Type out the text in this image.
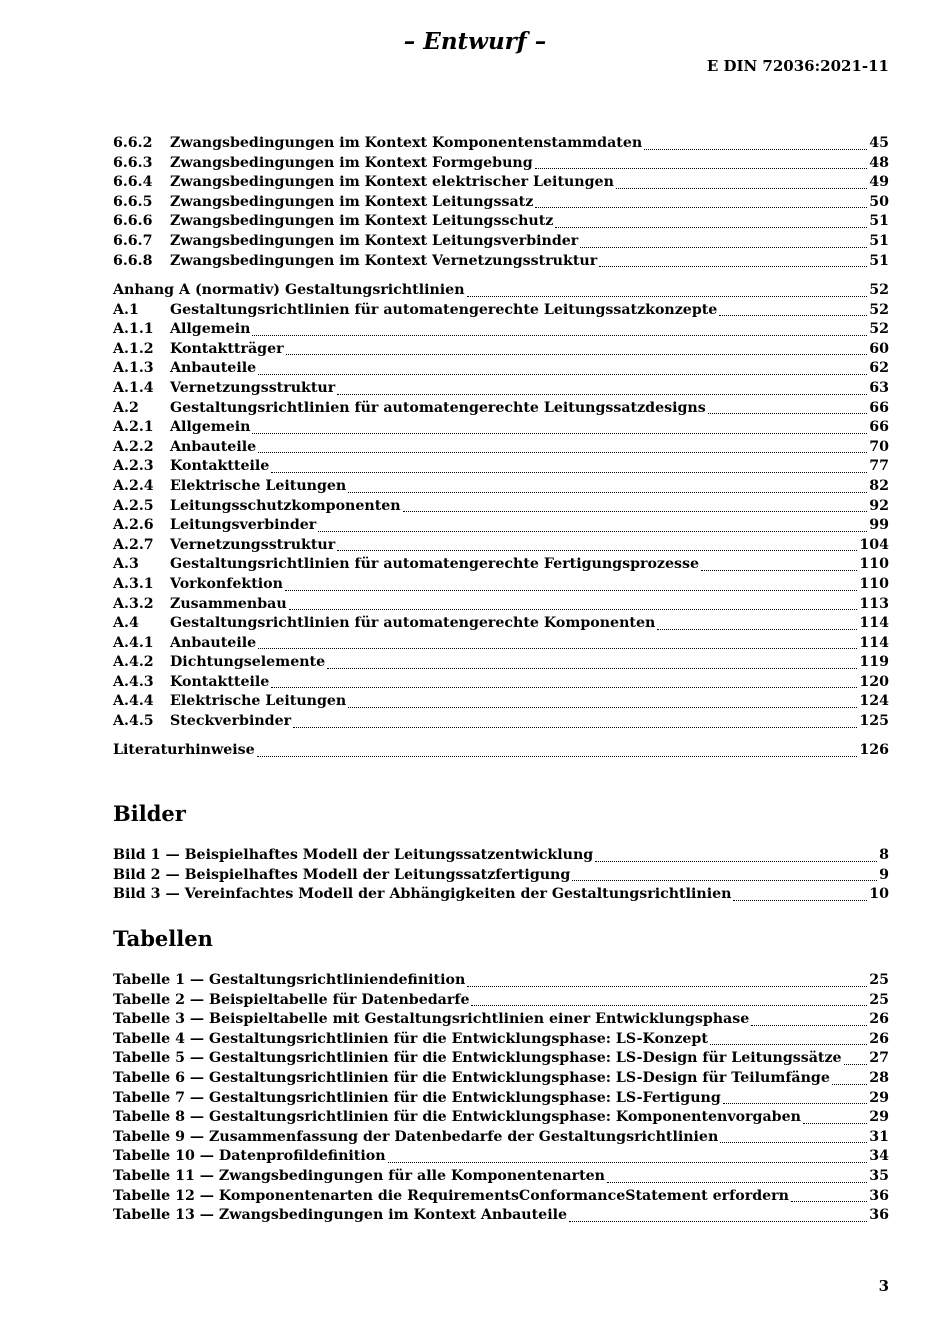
– Entwurf –
E DIN 72036:2021-11
6.6.2	Zwangsbedingungen im Kontext Komponentenstammdaten	45
6.6.3	Zwangsbedingungen im Kontext Formgebung	48
6.6.4	Zwangsbedingungen im Kontext elektrischer Leitungen	49
6.6.5	Zwangsbedingungen im Kontext Leitungssatz	50
6.6.6	Zwangsbedingungen im Kontext Leitungsschutz	51
6.6.7	Zwangsbedingungen im Kontext Leitungsverbinder	51
6.6.8	Zwangsbedingungen im Kontext Vernetzungsstruktur	51
Anhang A (normativ) Gestaltungsrichtlinien	52
A.1	Gestaltungsrichtlinien für automatengerechte Leitungssatzkonzepte	52
A.1.1	Allgemein	52
A.1.2	Kontaktträger	60
A.1.3	Anbauteile	62
A.1.4	Vernetzungsstruktur	63
A.2	Gestaltungsrichtlinien für automatengerechte Leitungssatzdesigns	66
A.2.1	Allgemein	66
A.2.2	Anbauteile	70
A.2.3	Kontaktteile	77
A.2.4	Elektrische Leitungen	82
A.2.5	Leitungsschutzkomponenten	92
A.2.6	Leitungsverbinder	99
A.2.7	Vernetzungsstruktur	104
A.3	Gestaltungsrichtlinien für automatengerechte Fertigungsprozesse	110
A.3.1	Vorkonfektion	110
A.3.2	Zusammenbau	113
A.4	Gestaltungsrichtlinien für automatengerechte Komponenten	114
A.4.1	Anbauteile	114
A.4.2	Dichtungselemente	119
A.4.3	Kontaktteile	120
A.4.4	Elektrische Leitungen	124
A.4.5	Steckverbinder	125
Literaturhinweise	126
Bilder
Bild 1 — Beispielhaftes Modell der Leitungssatzentwicklung	8
Bild 2 — Beispielhaftes Modell der Leitungssatzfertigung	9
Bild 3 — Vereinfachtes Modell der Abhängigkeiten der Gestaltungsrichtlinien	10
Tabellen
Tabelle 1 — Gestaltungsrichtliniendefinition	25
Tabelle 2 — Beispieltabelle für Datenbedarfe	25
Tabelle 3 — Beispieltabelle mit Gestaltungsrichtlinien einer Entwicklungsphase	26
Tabelle 4 — Gestaltungsrichtlinien für die Entwicklungsphase: LS-Konzept	26
Tabelle 5 — Gestaltungsrichtlinien für die Entwicklungsphase: LS-Design für Leitungssätze 27
Tabelle 6 — Gestaltungsrichtlinien für die Entwicklungsphase: LS-Design für Teilumfänge	28
Tabelle 7 — Gestaltungsrichtlinien für die Entwicklungsphase: LS-Fertigung	29
Tabelle 8 — Gestaltungsrichtlinien für die Entwicklungsphase: Komponentenvorgaben	29
Tabelle 9 — Zusammenfassung der Datenbedarfe der Gestaltungsrichtlinien	31
Tabelle 10 — Datenprofildefinition	34
Tabelle 11 — Zwangsbedingungen für alle Komponentenarten	35
Tabelle 12 — Komponentenarten die RequirementsConformanceStatement erfordern	36
Tabelle 13 — Zwangsbedingungen im Kontext Anbauteile	36
3
